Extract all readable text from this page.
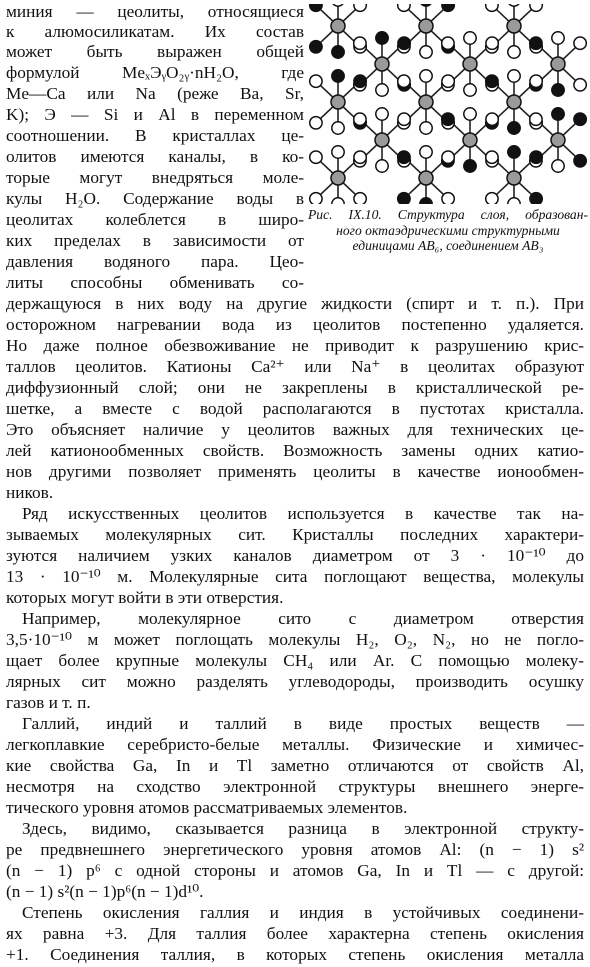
миния — цеолиты, относящиеся
к алюмосиликатам. Их состав
может быть выражен общей
формулой MeₓЭᵧO₂ᵧ·nH₂O, где
Me—Ca или Na (реже Ba, Sr,
K); Э — Si и Al в переменном
соотношении. В кристаллах це-
олитов имеются каналы, в ко-
торые могут внедряться моле-
кулы H₂O. Содержание воды в
цеолитах колеблется в широ-
ких пределах в зависимости от
давления водяного пара. Цео-
литы способны обменивать со-
Рис. IX.10. Структура слоя, образован-
ного октаэдрическими структурными
единицами AB₆, соединением AB₃
держащуюся в них воду на другие жидкости (спирт и т. п.). При
осторожном нагревании вода из цеолитов постепенно удаляется.
Но даже полное обезвоживание не приводит к разрушению крис-
таллов цеолитов. Катионы Ca²⁺ или Na⁺ в цеолитах образуют
диффузионный слой; они не закреплены в кристаллической ре-
шетке, а вместе с водой располагаются в пустотах кристалла.
Это объясняет наличие у цеолитов важных для технических це-
лей катионообменных свойств. Возможность замены одних катио-
нов другими позволяет применять цеолиты в качестве ионообмен-
ников.
Ряд искусственных цеолитов используется в качестве так на-
зываемых молекулярных сит. Кристаллы последних характери-
зуются наличием узких каналов диаметром от 3 · 10⁻¹⁰ до
13 · 10⁻¹⁰ м. Молекулярные сита поглощают вещества, молекулы
которых могут войти в эти отверстия.
Например, молекулярное сито с диаметром отверстия
3,5·10⁻¹⁰ м может поглощать молекулы H₂, O₂, N₂, но не погло-
щает более крупные молекулы CH₄ или Ar. С помощью молеку-
лярных сит можно разделять углеводороды, производить осушку
газов и т. п.
Галлий, индий и таллий в виде простых веществ —
легкоплавкие серебристо-белые металлы. Физические и химичес-
кие свойства Ga, In и Tl заметно отличаются от свойств Al,
несмотря на сходство электронной структуры внешнего энерге-
тического уровня атомов рассматриваемых элементов.
Здесь, видимо, сказывается разница в электронной структу-
ре предвнешнего энергетического уровня атомов Al: (n − 1) s²
(n − 1) p⁶ с одной стороны и атомов Ga, In и Tl — с другой:
(n − 1) s²(n − 1)p⁶(n − 1)d¹⁰.
Степень окисления галлия и индия в устойчивых соединени-
ях равна +3. Для таллия более характерна степень окисления
+1. Соединения таллия, в которых степень окисления металла
